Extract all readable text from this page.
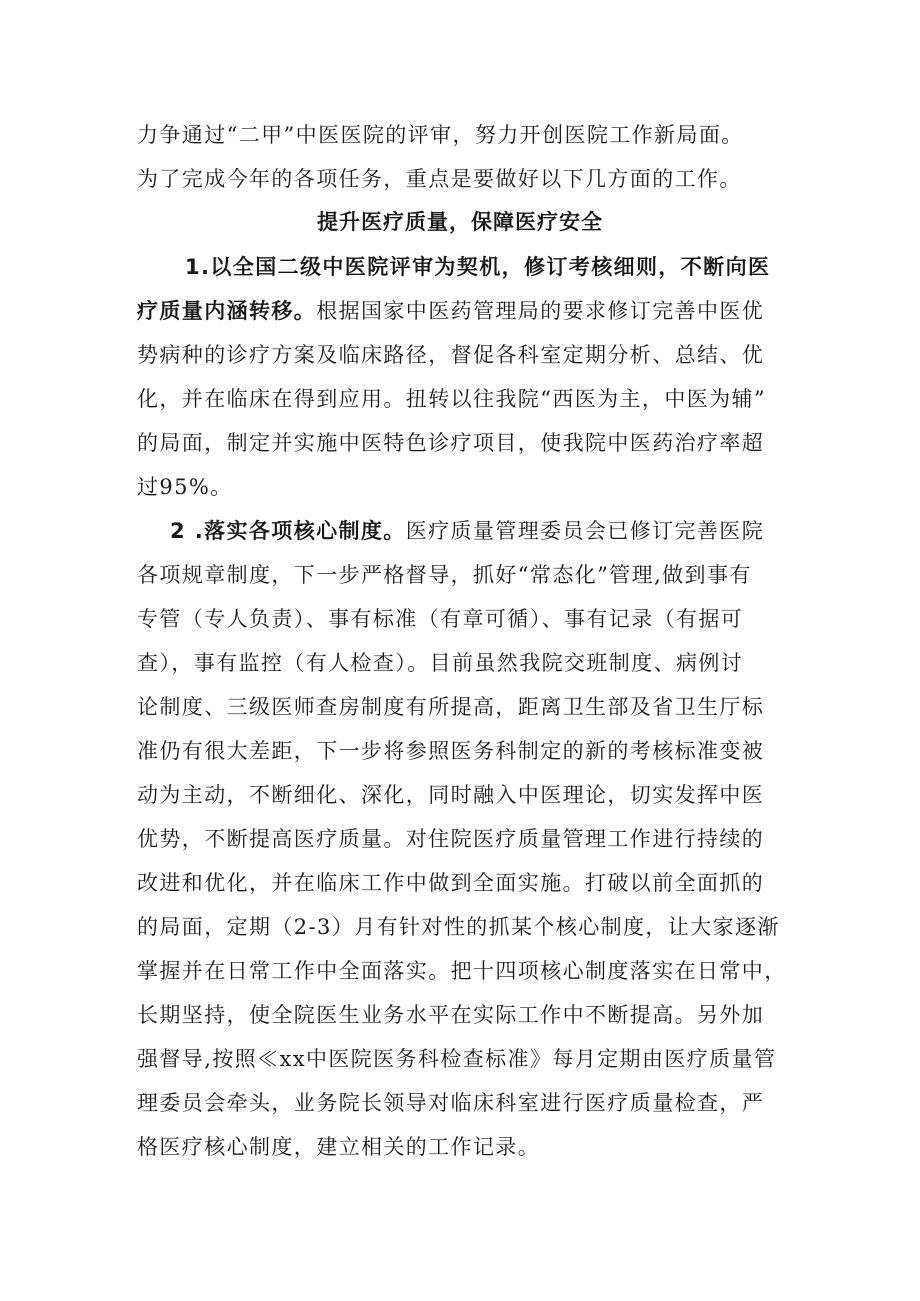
力争通过“二甲”中医医院的评审，努力开创医院工作新局面。
为了完成今年的各项任务，重点是要做好以下几方面的工作。
提升医疗质量，保障医疗安全
1.以全国二级中医院评审为契机，修订考核细则，不断向医
疗质量内涵转移。根据国家中医药管理局的要求修订完善中医优
势病种的诊疗方案及临床路径，督促各科室定期分析、总结、优
化，并在临床在得到应用。扭转以往我院“西医为主，中医为辅”
的局面，制定并实施中医特色诊疗项目，使我院中医药治疗率超
过95%。
2 .落实各项核心制度。医疗质量管理委员会已修订完善医院
各项规章制度，下一步严格督导，抓好“常态化”管理,做到事有
专管（专人负责）、事有标准（有章可循）、事有记录（有据可
查），事有监控（有人检查）。目前虽然我院交班制度、病例讨
论制度、三级医师查房制度有所提高，距离卫生部及省卫生厅标
准仍有很大差距，下一步将参照医务科制定的新的考核标准变被
动为主动，不断细化、深化，同时融入中医理论，切实发挥中医
优势，不断提高医疗质量。对住院医疗质量管理工作进行持续的
改进和优化，并在临床工作中做到全面实施。打破以前全面抓的
的局面，定期（2-3）月有针对性的抓某个核心制度，让大家逐渐
掌握并在日常工作中全面落实。把十四项核心制度落实在日常中，
长期坚持，使全院医生业务水平在实际工作中不断提高。另外加
强督导,按照≪xx中医院医务科检查标准》每月定期由医疗质量管
理委员会牵头，业务院长领导对临床科室进行医疗质量检查，严
格医疗核心制度，建立相关的工作记录。
